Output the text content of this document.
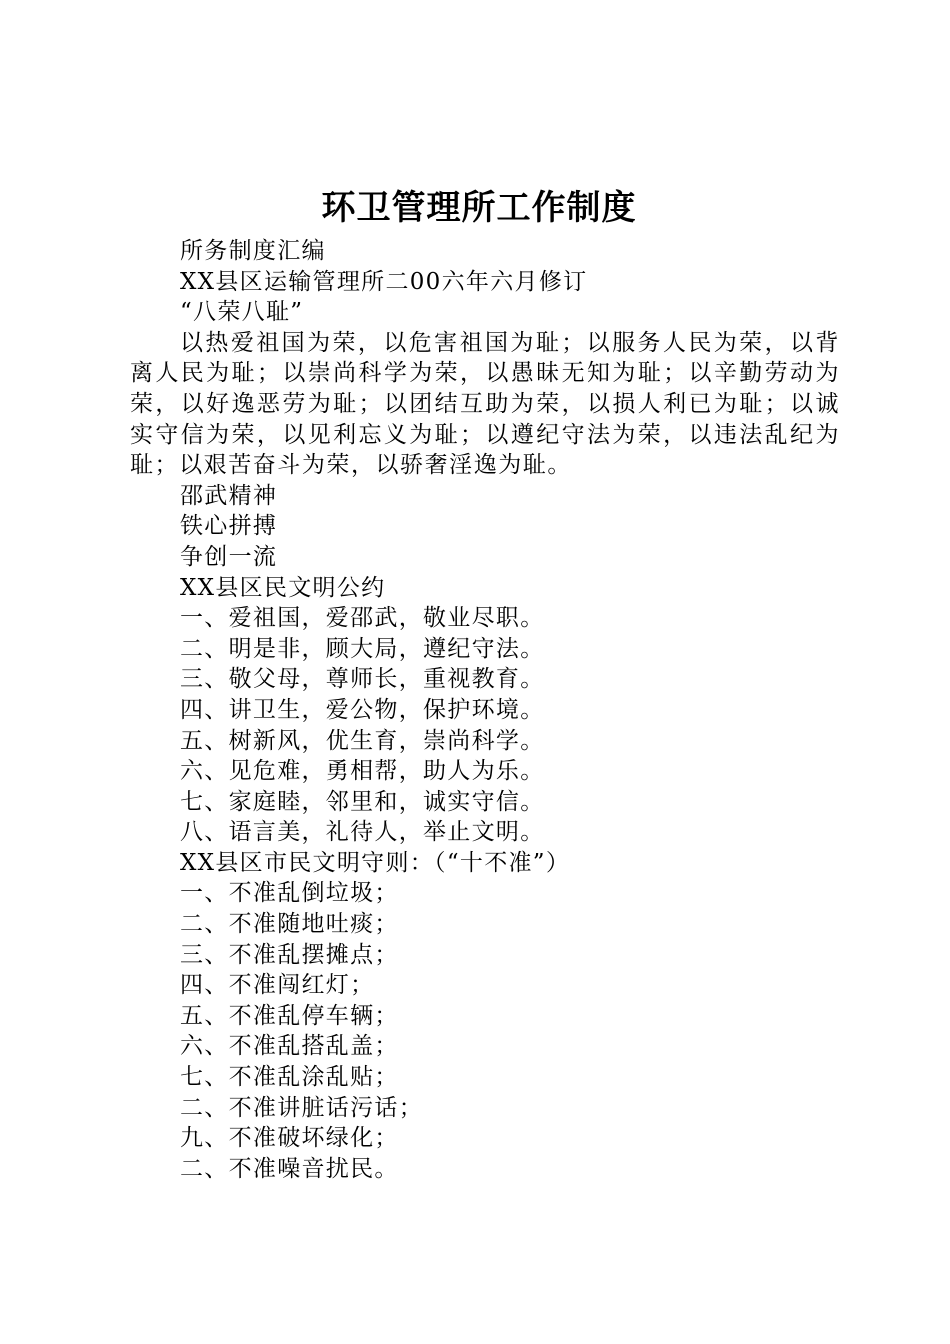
环卫管理所工作制度
所务制度汇编
XX县区运输管理所二00六年六月修订
“八荣八耻”

以热爱祖国为荣，以危害祖国为耻；以服务人民为荣，以背离人民为耻；以崇尚科学为荣，以愚昧无知为耻；以辛勤劳动为荣，以好逸恶劳为耻；以团结互助为荣，以损人利已为耻；以诚实守信为荣，以见利忘义为耻；以遵纪守法为荣，以违法乱纪为耻；以艰苦奋斗为荣，以骄奢淫逸为耻。

邵武精神
铁心拼搏
争创一流
XX县区民文明公约
一、爱祖国，爱邵武，敬业尽职。
二、明是非，顾大局，遵纪守法。
三、敬父母，尊师长，重视教育。
四、讲卫生，爱公物，保护环境。
五、树新风，优生育，崇尚科学。
六、见危难，勇相帮，助人为乐。
七、家庭睦，邻里和，诚实守信。
八、语言美，礼待人，举止文明。
XX县区市民文明守则：（“十不准”）
一、不准乱倒垃圾；
二、不准随地吐痰；
三、不准乱摆摊点；
四、不准闯红灯；
五、不准乱停车辆；
六、不准乱搭乱盖；
七、不准乱涂乱贴；
二、不准讲脏话污话；
九、不准破坏绿化；
二、不准噪音扰民。
